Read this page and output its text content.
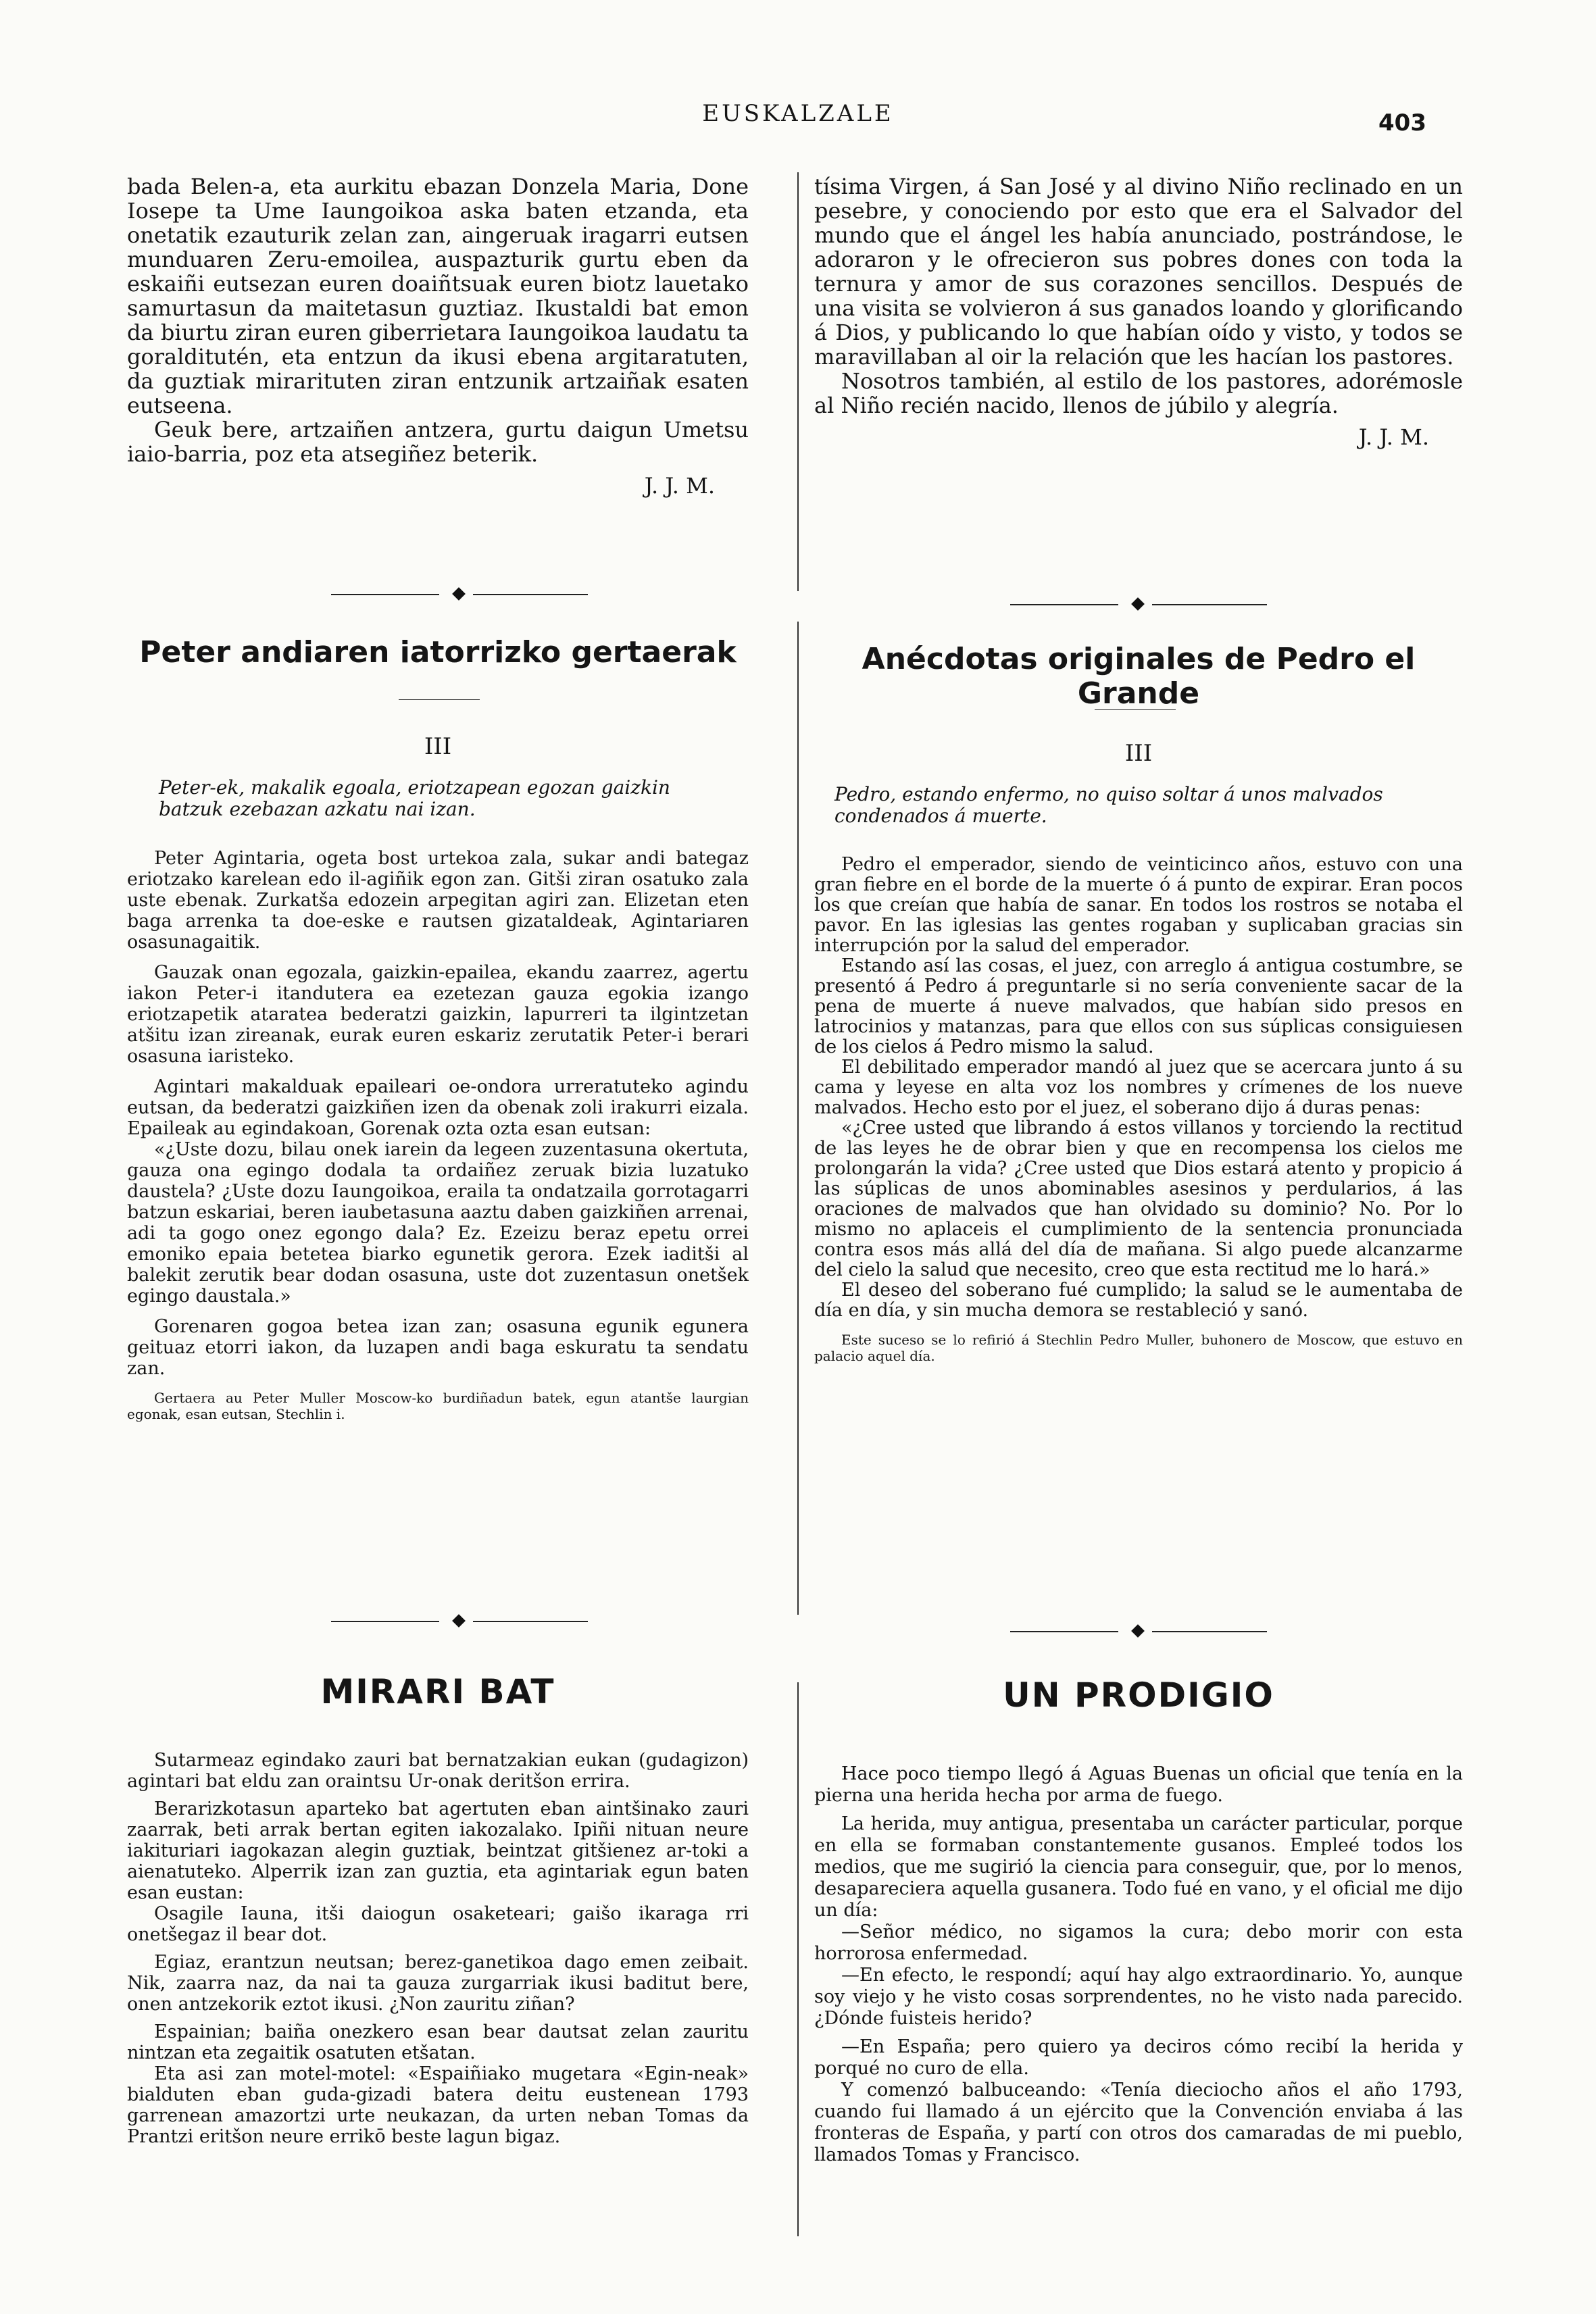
EUSKALZALE	403

bada Belen-a, eta aurkitu ebazan Donzela Maria, Done Iosepe ta Ume Iaungoikoa aska baten etzanda, eta onetatik ezauturik zelan zan, aingeruak iragarri eutsen munduaren Zeru-emoilea, auspazturik gurtu eben da eskaiñi eutsezan euren doaiñtsuak euren biotz lauetako samurtasun da maitetasun guztiaz. Ikustaldi bat emon da biurtu ziran euren giberrietara Iaungoikoa laudatu ta goralditutén, eta entzun da ikusi ebena argitaratuten, da guztiak mirarituten ziran entzunik artzaiñak esaten eutseena.

Geuk bere, artzaiñen antzera, gurtu daigun Umetsu iaio-barria, poz eta atsegiñez beterik.

J. J. M.
Peter andiaren iatorrizko gertaerak
III
Peter-ek, makalik egoala, eriotzapean egozan gaizkin batzuk ezebazan azkatu nai izan.

Peter Agintaria, ogeta bost urtekoa zala, sukar andi bategaz eriotzako karelean edo il-agiñik egon zan. Gitši ziran osatuko zala uste ebenak. Zurkatša edozein arpegitan agiri zan. Elizetan eten baga arrenka ta doe-eske e rautsen gizataldeak, Agintariaren osasunagaitik.

Gauzak onan egozala, gaizkin-epailea, ekandu zaarrez, agertu iakon Peter-i itandutera ea ezetezan gauza egokia izango eriotzapetik ataratea bederatzi gaizkin, lapurreri ta ilgintzetan atšitu izan zireanak, eurak euren eskariz zerutatik Peter-i berari osasuna iaristeko.

Agintari makalduak epaileari oe-ondora urreratuteko agindu eutsan, da bederatzi gaizkiñen izen da obenak zoli irakurri eizala. Epaileak au egindakoan, Gorenak ozta ozta esan eutsan:

«¿Uste dozu, bilau onek iarein da legeen zuzentasuna okertuta, gauza ona egingo dodala ta ordaiñez zeruak bizia luzatuko daustela? ¿Uste dozu Iaungoikoa, eraila ta ondatzaila gorrotagarri batzun eskariai, beren iaubetasuna aaztu daben gaizkiñen arrenai, adi ta gogo onez egongo dala? Ez. Ezeizu beraz epetu orrei emoniko epaia betetea biarko egunetik gerora. Ezek iaditši al balekit zerutik bear dodan osasuna, uste dot zuzentasun onetšek egingo daustala.»

Gorenaren gogoa betea izan zan; osasuna egunik egunera geituaz etorri iakon, da luzapen andi baga eskuratu ta sendatu zan.

Gertaera au Peter Muller Moscow-ko burdiñadun batek, egun atantše laurgian egonak, esan eutsan, Stechlin i.

MIRARI BAT

Sutarmeaz egindako zauri bat bernatzakian eukan (gudagizon) agintari bat eldu zan oraintsu Ur-onak deritšon errira.

Berarizkotasun aparteko bat agertuten eban aintšinako zauri zaarrak, beti arrak bertan egiten iakozalako. Ipiñi nituan neure iakituriari iagokazan alegin guztiak, beintzat gitšienez ar-toki a aienatuteko. Alperrik izan zan guztia, eta agintariak egun baten esan eustan:

Osagile Iauna, itši daiogun osaketeari; gaišo ikaraga rri onetšegaz il bear dot.

Egiaz, erantzun neutsan; berez-ganetikoa dago emen zeibait. Nik, zaarra naz, da nai ta gauza zurgarriak ikusi baditut bere, onen antzekorik eztot ikusi. ¿Non zauritu ziñan?

Espainian; baiña onezkero esan bear dautsat zelan zauritu nintzan eta zegaitik osatuten etšatan.

Eta asi zan motel-motel: «Espaiñiako mugetara «Egin-neak» bialduten eban guda-gizadi batera deitu eustenean 1793 garrenean amazortzi urte neukazan, da urten neban Tomas da Prantzi eritšon neure errikō beste lagun bigaz.

tísima Virgen, á San José y al divino Niño reclinado en un pesebre, y conociendo por esto que era el Salvador del mundo que el ángel les había anunciado, postrándose, le adoraron y le ofrecieron sus pobres dones con toda la ternura y amor de sus corazones sencillos. Después de una visita se volvieron á sus ganados loando y glorificando á Dios, y publicando lo que habían oído y visto, y todos se maravillaban al oir la relación que les hacían los pastores.

Nosotros también, al estilo de los pastores, adorémosle al Niño recién nacido, llenos de júbilo y alegría.

J. J. M.
Anécdotas originales de Pedro el Grande
III
Pedro, estando enfermo, no quiso soltar á unos malvados condenados á muerte.

Pedro el emperador, siendo de veinticinco años, estuvo con una gran fiebre en el borde de la muerte ó á punto de expirar. Eran pocos los que creían que había de sanar. En todos los rostros se notaba el pavor. En las iglesias las gentes rogaban y suplicaban gracias sin interrupción por la salud del emperador.

Estando así las cosas, el juez, con arreglo á antigua costumbre, se presentó á Pedro á preguntarle si no sería conveniente sacar de la pena de muerte á nueve malvados, que habían sido presos en latrocinios y matanzas, para que ellos con sus súplicas consiguiesen de los cielos á Pedro mismo la salud.

El debilitado emperador mandó al juez que se acercara junto á su cama y leyese en alta voz los nombres y crímenes de los nueve malvados. Hecho esto por el juez, el soberano dijo á duras penas:

«¿Cree usted que librando á estos villanos y torciendo la rectitud de las leyes he de obrar bien y que en recompensa los cielos me prolongarán la vida? ¿Cree usted que Dios estará atento y propicio á las súplicas de unos abominables asesinos y perdularios, á las oraciones de malvados que han olvidado su dominio? No. Por lo mismo no aplaceis el cumplimiento de la sentencia pronunciada contra esos más allá del día de mañana. Si algo puede alcanzarme del cielo la salud que necesito, creo que esta rectitud me lo hará.»

El deseo del soberano fué cumplido; la salud se le aumentaba de día en día, y sin mucha demora se restableció y sanó.

Este suceso se lo refirió á Stechlin Pedro Muller, buhonero de Moscow, que estuvo en palacio aquel día.

UN PRODIGIO

Hace poco tiempo llegó á Aguas Buenas un oficial que tenía en la pierna una herida hecha por arma de fuego.

La herida, muy antigua, presentaba un carácter particular, porque en ella se formaban constantemente gusanos. Empleé todos los medios, que me sugirió la ciencia para conseguir, que, por lo menos, desapareciera aquella gusanera. Todo fué en vano, y el oficial me dijo un día:

—Señor médico, no sigamos la cura; debo morir con esta horrorosa enfermedad.

—En efecto, le respondí; aquí hay algo extraordinario. Yo, aunque soy viejo y he visto cosas sorprendentes, no he visto nada parecido. ¿Dónde fuisteis herido?

—En España; pero quiero ya deciros cómo recibí la herida y porqué no curo de ella.

Y comenzó balbuceando: «Tenía dieciocho años el año 1793, cuando fui llamado á un ejército que la Convención enviaba á las fronteras de España, y partí con otros dos camaradas de mi pueblo, llamados Tomas y Francisco.
